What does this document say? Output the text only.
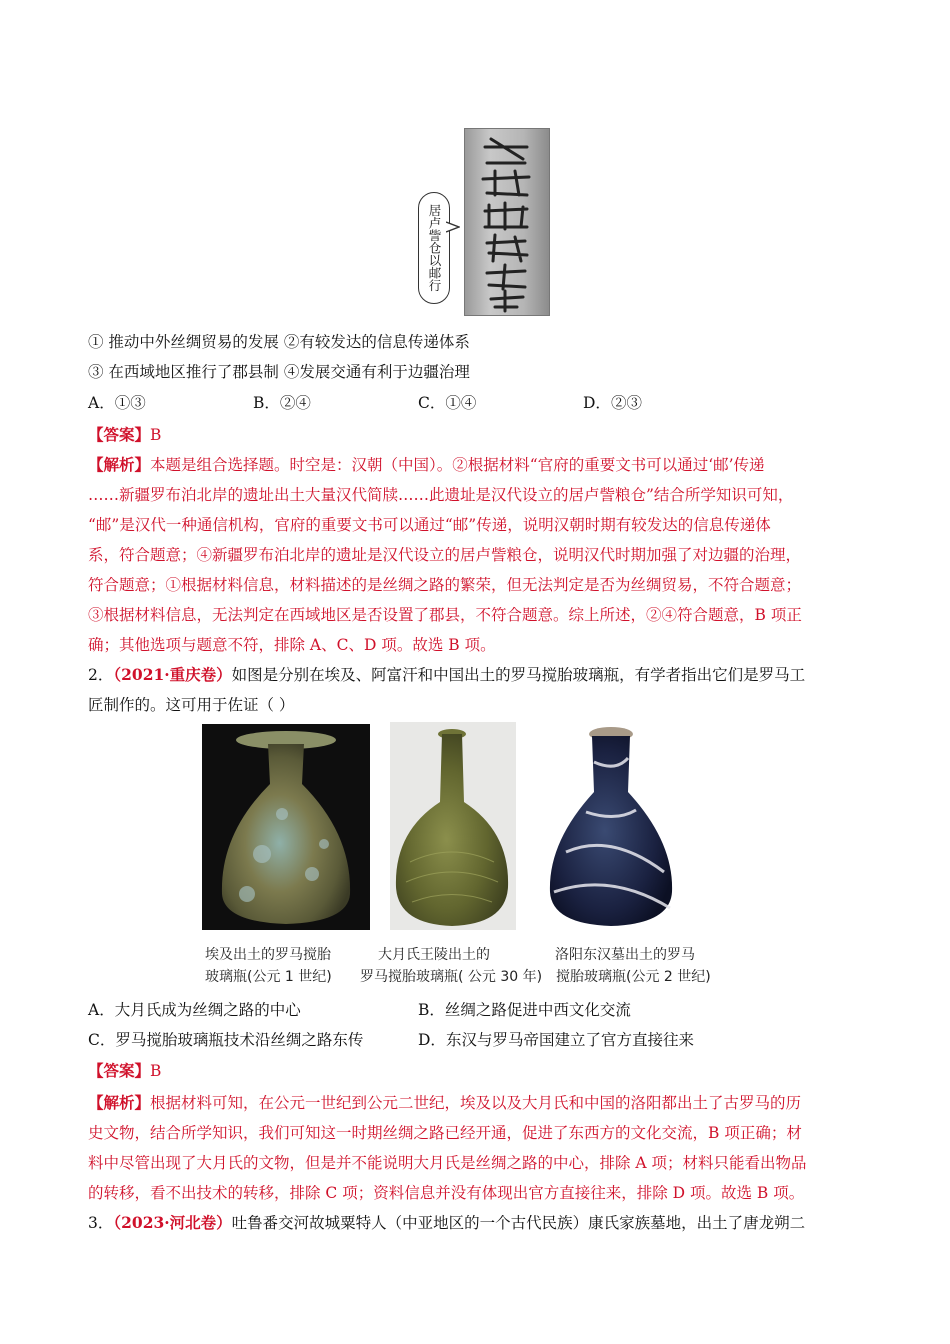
居卢訾仓以邮行
① 推动中外丝绸贸易的发展 ②有较发达的信息传递体系
③ 在西域地区推行了郡县制 ④发展交通有利于边疆治理
A．①③	B．②④	C．①④	D．②③
【答案】B
【解析】本题是组合选择题。时空是：汉朝（中国）。②根据材料“官府的重要文书可以通过‘邮’传递
……新疆罗布泊北岸的遗址出土大量汉代简牍……此遗址是汉代设立的居卢訾粮仓”结合所学知识可知，
“邮”是汉代一种通信机构，官府的重要文书可以通过“邮”传递，说明汉朝时期有较发达的信息传递体
系，符合题意；④新疆罗布泊北岸的遗址是汉代设立的居卢訾粮仓，说明汉代时期加强了对边疆的治理，
符合题意；①根据材料信息，材料描述的是丝绸之路的繁荣，但无法判定是否为丝绸贸易，不符合题意；
③根据材料信息，无法判定在西域地区是否设置了郡县，不符合题意。综上所述，②④符合题意，B 项正
确；其他选项与题意不符，排除 A、C、D 项。故选 B 项。
2．（2021·重庆卷）如图是分别在埃及、阿富汗和中国出土的罗马搅胎玻璃瓶，有学者指出它们是罗马工
匠制作的。这可用于佐证（ ）
埃及出土的罗马搅胎
玻璃瓶(公元 1 世纪)
大月氏王陵出土的
罗马搅胎玻璃瓶( 公元 30 年)
洛阳东汉墓出土的罗马
搅胎玻璃瓶(公元 2 世纪)
A．大月氏成为丝绸之路的中心	B．丝绸之路促进中西文化交流
C．罗马搅胎玻璃瓶技术沿丝绸之路东传	D．东汉与罗马帝国建立了官方直接往来
【答案】B
【解析】根据材料可知，在公元一世纪到公元二世纪，埃及以及大月氏和中国的洛阳都出土了古罗马的历
史文物，结合所学知识，我们可知这一时期丝绸之路已经开通，促进了东西方的文化交流，B 项正确；材
料中尽管出现了大月氏的文物，但是并不能说明大月氏是丝绸之路的中心，排除 A 项；材料只能看出物品
的转移，看不出技术的转移，排除 C 项；资料信息并没有体现出官方直接往来，排除 D 项。故选 B 项。
3．（2023·河北卷）吐鲁番交河故城粟特人（中亚地区的一个古代民族）康氏家族墓地，出土了唐龙朔二
